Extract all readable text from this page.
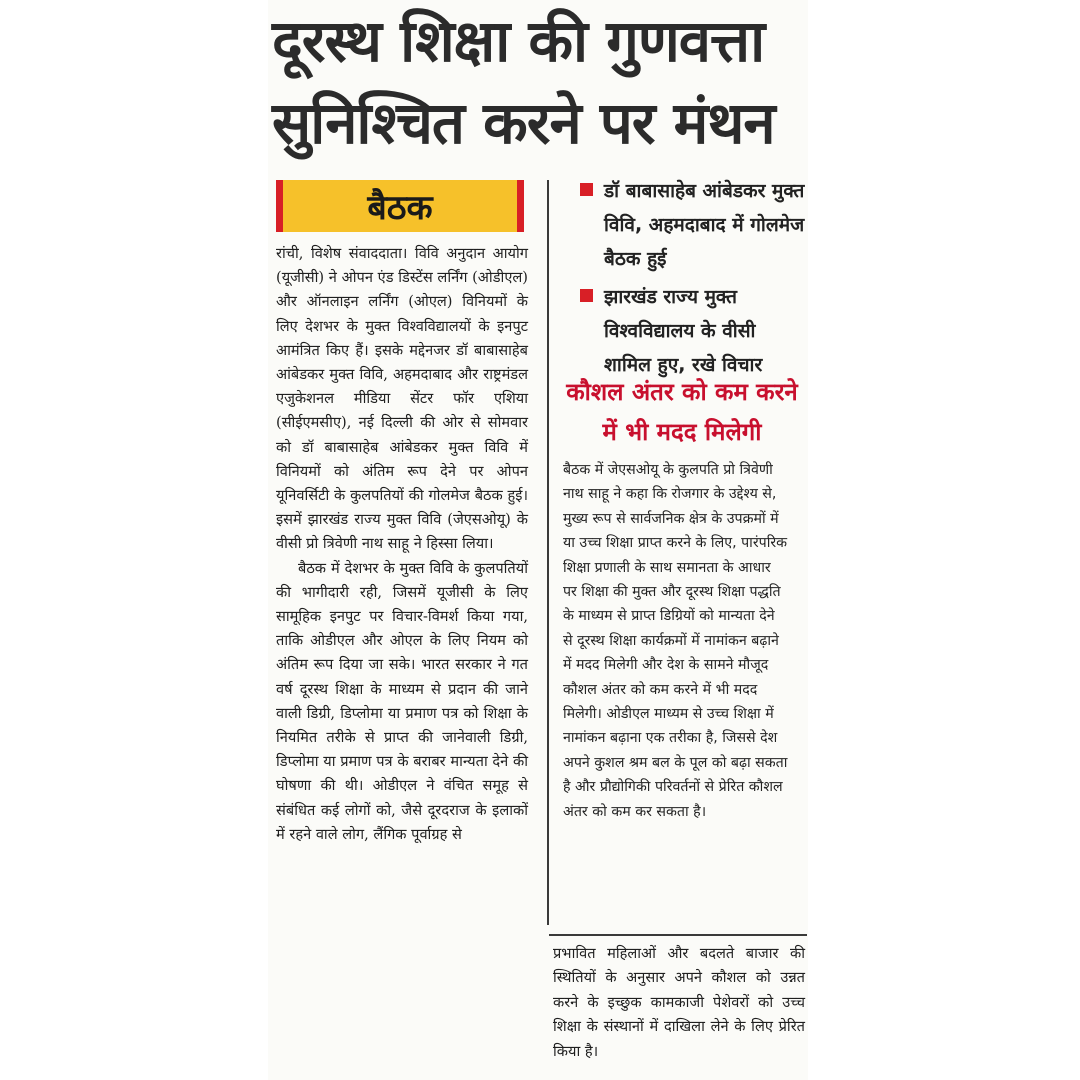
दूरस्थ शिक्षा की गुणवत्ता
सुनिश्चित करने पर मंथन
बैठक

रांची, विशेष संवाददाता। विवि अनुदान आयोग (यूजीसी) ने ओपन एंड डिस्टेंस लर्निंग (ओडीएल) और ऑनलाइन लर्निंग (ओएल) विनियमों के लिए देशभर के मुक्त विश्वविद्यालयों के इनपुट आमंत्रित किए हैं। इसके मद्देनजर डॉ बाबासाहेब आंबेडकर मुक्त विवि, अहमदाबाद और राष्ट्रमंडल एजुकेशनल मीडिया सेंटर फॉर एशिया (सीईएमसीए), नई दिल्ली की ओर से सोमवार को डॉ बाबासाहेब आंबेडकर मुक्त विवि में विनियमों को अंतिम रूप देने पर ओपन यूनिवर्सिटी के कुलपतियों की गोलमेज बैठक हुई। इसमें झारखंड राज्य मुक्त विवि (जेएसओयू) के वीसी प्रो त्रिवेणी नाथ साहू ने हिस्सा लिया।

बैठक में देशभर के मुक्त विवि के कुलपतियों की भागीदारी रही, जिसमें यूजीसी के लिए सामूहिक इनपुट पर विचार-विमर्श किया गया, ताकि ओडीएल और ओएल के लिए नियम को अंतिम रूप दिया जा सके। भारत सरकार ने गत वर्ष दूरस्थ शिक्षा के माध्यम से प्रदान की जाने वाली डिग्री, डिप्लोमा या प्रमाण पत्र को शिक्षा के नियमित तरीके से प्राप्त की जानेवाली डिग्री, डिप्लोमा या प्रमाण पत्र के बराबर मान्यता देने की घोषणा की थी। ओडीएल ने वंचित समूह से संबंधित कई लोगों को, जैसे दूरदराज के इलाकों में रहने वाले लोग, लैंगिक पूर्वाग्रह से

डॉ बाबासाहेब आंबेडकर मुक्त विवि, अहमदाबाद में गोलमेज बैठक हुई
झारखंड राज्य मुक्त विश्वविद्यालय के वीसी शामिल हुए, रखे विचार
कौशल अंतर को कम करने में भी मदद मिलेगी

बैठक में जेएसओयू के कुलपति प्रो त्रिवेणी नाथ साहू ने कहा कि रोजगार के उद्देश्य से, मुख्य रूप से सार्वजनिक क्षेत्र के उपक्रमों में या उच्च शिक्षा प्राप्त करने के लिए, पारंपरिक शिक्षा प्रणाली के साथ समानता के आधार पर शिक्षा की मुक्त और दूरस्थ शिक्षा पद्धति के माध्यम से प्राप्त डिग्रियों को मान्यता देने से दूरस्थ शिक्षा कार्यक्रमों में नामांकन बढ़ाने में मदद मिलेगी और देश के सामने मौजूद कौशल अंतर को कम करने में भी मदद मिलेगी। ओडीएल माध्यम से उच्च शिक्षा में नामांकन बढ़ाना एक तरीका है, जिससे देश अपने कुशल श्रम बल के पूल को बढ़ा सकता है और प्रौद्योगिकी परिवर्तनों से प्रेरित कौशल अंतर को कम कर सकता है।

प्रभावित महिलाओं और बदलते बाजार की स्थितियों के अनुसार अपने कौशल को उन्नत करने के इच्छुक कामकाजी पेशेवरों को उच्च शिक्षा के संस्थानों में दाखिला लेने के लिए प्रेरित किया है।
